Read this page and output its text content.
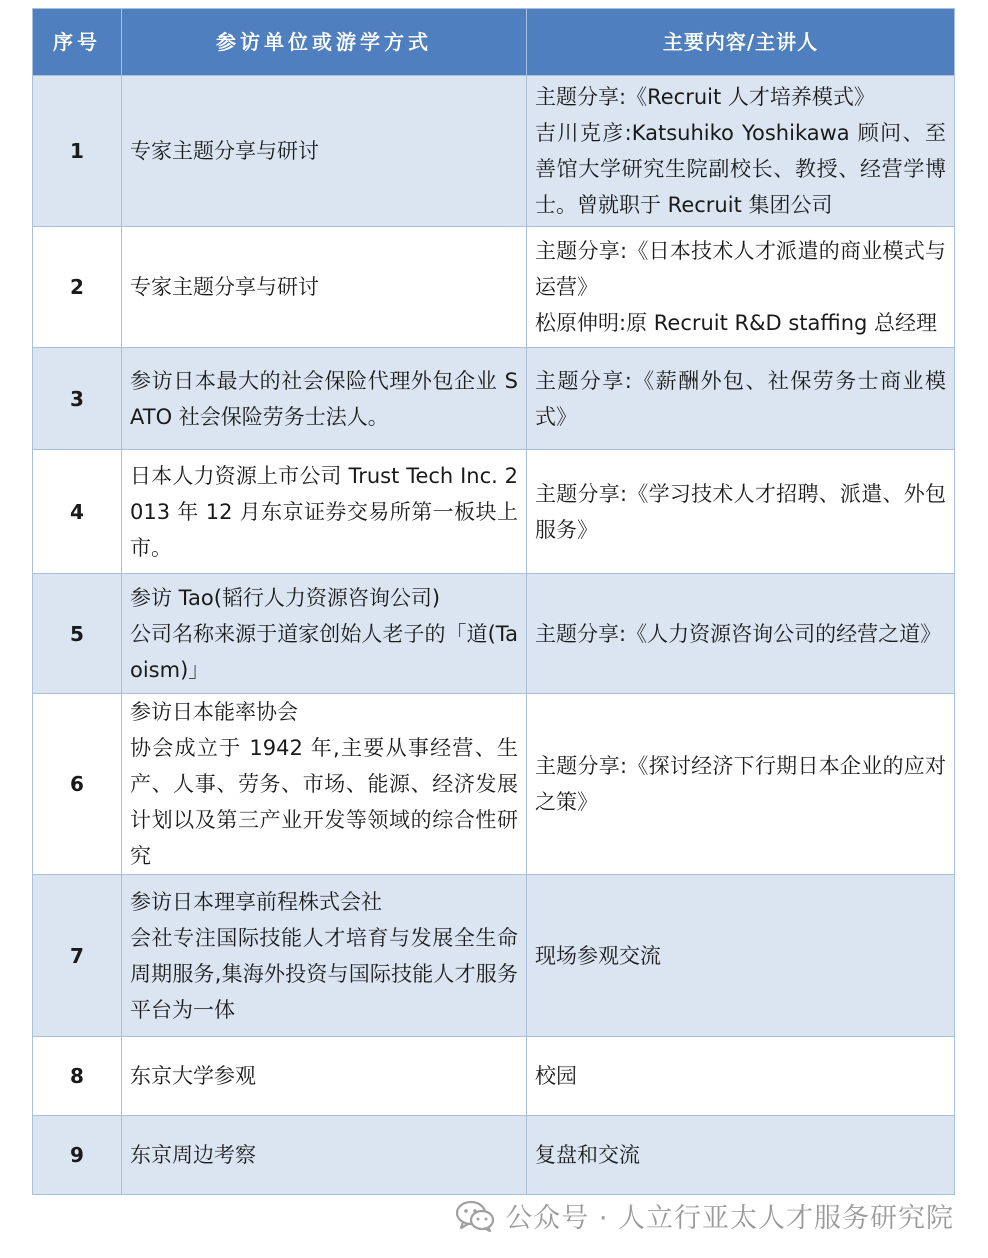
序号	参访单位或游学方式	主要内容/主讲人
1	专家主题分享与研讨	主题分享:《Recruit 人才培养模式》
吉川克彦:Katsuhiko Yoshikawa 顾问、至善馆大学研究生院副校长、教授、经营学博士。曾就职于 Recruit 集团公司

2	专家主题分享与研讨	主题分享:《日本技术人才派遣的商业模式与运营》
松原伸明:原 Recruit R&D staffing 总经理

3	参访日本最大的社会保险代理外包企业 SATO 社会保险劳务士法人。	主题分享:《薪酬外包、社保劳务士商业模式》

4	日本人力资源上市公司 Trust Tech Inc. 2013 年 12 月东京证券交易所第一板块上市。	主题分享:《学习技术人才招聘、派遣、外包服务》

5	参访 Tao(韬行人力资源咨询公司)
公司名称来源于道家创始人老子的「道(Taoism)」	主题分享:《人力资源咨询公司的经营之道》

6	参访日本能率协会
协会成立于 1942 年,主要从事经营、生产、人事、劳务、市场、能源、经济发展计划以及第三产业开发等领域的综合性研究	主题分享:《探讨经济下行期日本企业的应对之策》

7	参访日本理享前程株式会社
会社专注国际技能人才培育与发展全生命周期服务,集海外投资与国际技能人才服务平台为一体	现场参观交流

8	东京大学参观	校园

9	东京周边考察	复盘和交流
公众号 · 人立行亚太人才服务研究院
